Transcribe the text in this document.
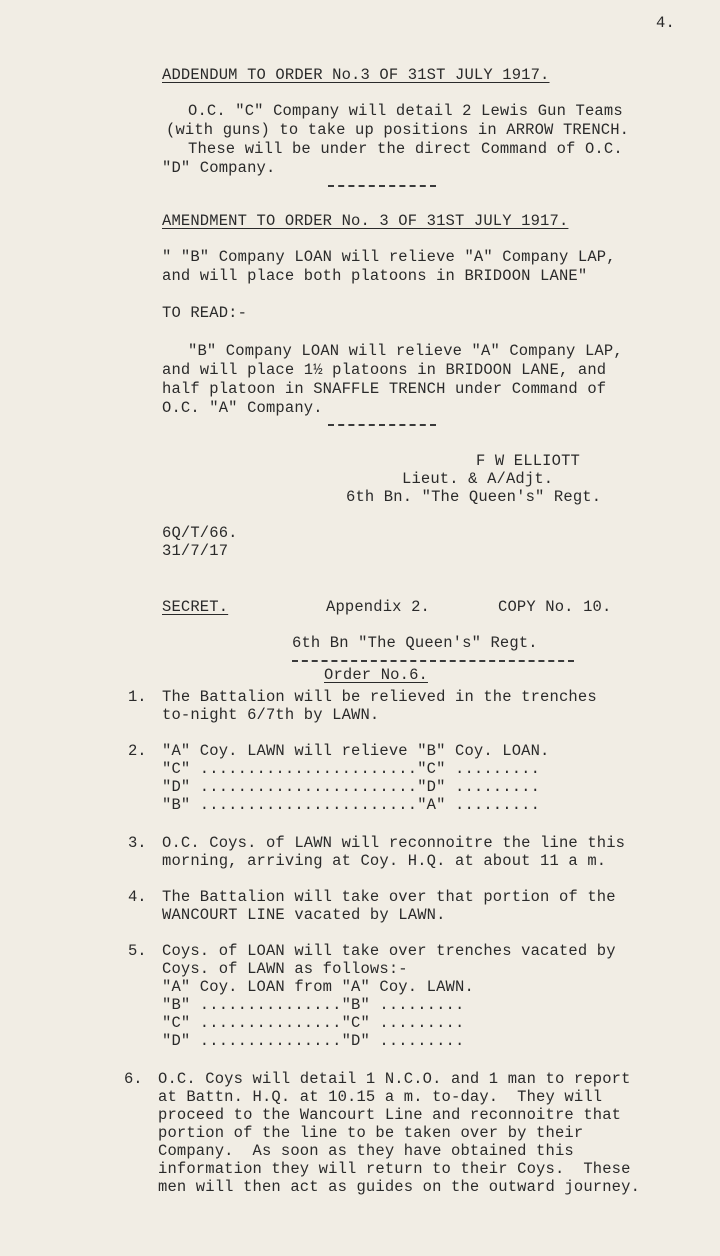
4.
ADDENDUM TO ORDER No.3 OF 31ST JULY 1917.
O.C. "C" Company will detail 2 Lewis Gun Teams
(with guns) to take up positions in ARROW TRENCH.
These will be under the direct Command of O.C.
"D" Company.
AMENDMENT TO ORDER No. 3 OF 31ST JULY 1917.
" "B" Company LOAN will relieve "A" Company LAP,
and will place both platoons in BRIDOON LANE"
TO READ:-
"B" Company LOAN will relieve "A" Company LAP,
and will place 1½ platoons in BRIDOON LANE, and
half platoon in SNAFFLE TRENCH under Command of
O.C. "A" Company.
F W ELLIOTT
Lieut. & A/Adjt.
6th Bn. "The Queen's" Regt.
6Q/T/66.
31/7/17
SECRET.	Appendix 2.	COPY No. 10.
6th Bn "The Queen's" Regt.
Order No.6.
1. The Battalion will be relieved in the trenches
to-night 6/7th by LAWN.
2. "A" Coy. LAWN will relieve "B" Coy. LOAN.
"C" ......................."C" .........
"D" ......................."D" .........
"B" ......................."A" .........
3. O.C. Coys. of LAWN will reconnoitre the line this
morning, arriving at Coy. H.Q. at about 11 a m.
4. The Battalion will take over that portion of the
WANCOURT LINE vacated by LAWN.
5. Coys. of LOAN will take over trenches vacated by
Coys. of LAWN as follows:-
"A" Coy. LOAN from "A" Coy. LAWN.
"B" ..............."B" .........
"C" ..............."C" .........
"D" ..............."D" .........
6. O.C. Coys will detail 1 N.C.O. and 1 man to report
at Battn. H.Q. at 10.15 a m. to-day.  They will
proceed to the Wancourt Line and reconnoitre that
portion of the line to be taken over by their
Company.  As soon as they have obtained this
information they will return to their Coys.  These
men will then act as guides on the outward journey.
